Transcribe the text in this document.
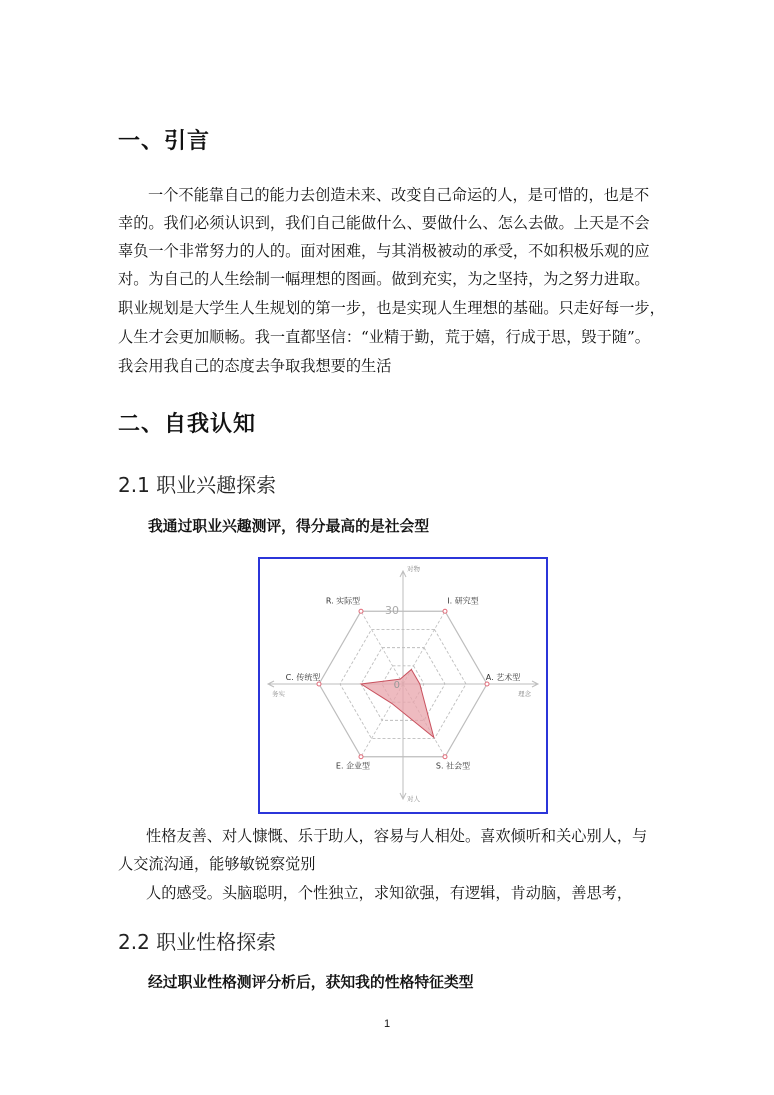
一、引言
一个不能靠自己的能力去创造未来、改变自己命运的人，是可惜的，也是不
幸的。我们必须认识到，我们自己能做什么、要做什么、怎么去做。上天是不会
辜负一个非常努力的人的。面对困难，与其消极被动的承受，不如积极乐观的应
对。为自己的人生绘制一幅理想的图画。做到充实，为之坚持，为之努力进取。
职业规划是大学生人生规划的第一步，也是实现人生理想的基础。只走好每一步，
人生才会更加顺畅。我一直都坚信：“业精于勤，荒于嬉，行成于思，毁于随”。
我会用我自己的态度去争取我想要的生活
二、自我认知
2.1 职业兴趣探索
我通过职业兴趣测评，得分最高的是社会型
I. 研究型
A. 艺术型
S. 社会型
E. 企业型
C. 传统型
R. 实际型
30
0
对物
对人
务实	理念
性格友善、对人慷慨、乐于助人，容易与人相处。喜欢倾听和关心别人，与
人交流沟通，能够敏锐察觉别
人的感受。头脑聪明，个性独立，求知欲强，有逻辑，肯动脑，善思考，
2.2 职业性格探索
经过职业性格测评分析后，获知我的性格特征类型
1
